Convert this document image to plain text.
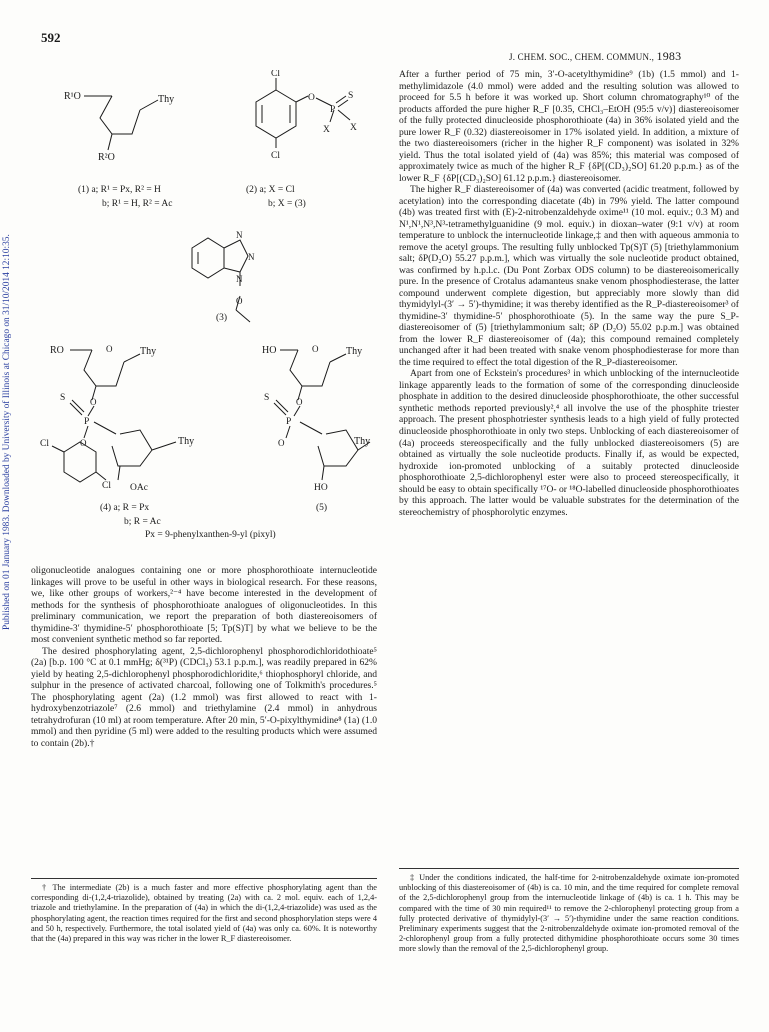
592
J. CHEM. SOC., CHEM. COMMUN., 1983
Published on 01 January 1983. Downloaded by University of Illinois at Chicago on 31/10/2014 12:10:35.
R¹O	Thy
R²O
(1) a; R¹ = Px, R² = H
b; R¹ = H, R² = Ac
Cl
Cl
O
P
S
X X
(2) a; X = Cl
b; X = (3)
N
N
N
O
(3)
RO	O	Thy
O
S
P
O	Thy
Cl
Cl OAc
(4) a; R = Px
b; R = Ac
HO	O	Thy
S
P
O
O
Thy
HO
(5)
Px = 9-phenylxanthen-9-yl (pixyl)

oligonucleotide analogues containing one or more phosphorothioate internucleotide linkages will prove to be useful in other ways in biological research. For these reasons, we, like other groups of workers,²⁻⁴ have become interested in the development of methods for the synthesis of phosphorothioate analogues of oligonucleotides. In this preliminary communication, we report the preparation of both diastereoisomers of thymidine-3′ thymidine-5′ phosphorothioate [5; Tp(S)T] by what we believe to be the most convenient synthetic method so far reported.

The desired phosphorylating agent, 2,5-dichlorophenyl phosphorodichloridothioate⁵ (2a) [b.p. 100 °C at 0.1 mmHg; δ(³¹P) (CDCl₃) 53.1 p.p.m.], was readily prepared in 62% yield by heating 2,5-dichlorophenyl phosphorodichloridite,⁶ thiophosphoryl chloride, and sulphur in the presence of activated charcoal, following one of Tolkmith's procedures.⁵ The phosphorylating agent (2a) (1.2 mmol) was first allowed to react with 1-hydroxybenzotriazole⁷ (2.6 mmol) and triethylamine (2.4 mmol) in anhydrous tetrahydrofuran (10 ml) at room temperature. After 20 min, 5′-O-pixylthymidine⁸ (1a) (1.0 mmol) and then pyridine (5 ml) were added to the resulting products which were assumed to contain (2b).†

† The intermediate (2b) is a much faster and more effective phosphorylating agent than the corresponding di-(1,2,4-triazolide), obtained by treating (2a) with ca. 2 mol. equiv. each of 1,2,4-triazole and triethylamine. In the preparation of (4a) in which the di-(1,2,4-triazolide) was used as the phosphorylating agent, the reaction times required for the first and second phosphorylation steps were 4 and 50 h, respectively. Furthermore, the total isolated yield of (4a) was only ca. 60%. It is noteworthy that the (4a) prepared in this way was richer in the lower R_F diastereoisomer.

After a further period of 75 min, 3′-O-acetylthymidine⁹ (1b) (1.5 mmol) and 1-methylimidazole (4.0 mmol) were added and the resulting solution was allowed to proceed for 5.5 h before it was worked up. Short column chromatography¹⁰ of the products afforded the pure higher R_F [0.35, CHCl₃–EtOH (95:5 v/v)] diastereoisomer of the fully protected dinucleoside phosphorothioate (4a) in 36% isolated yield and the pure lower R_F (0.32) diastereoisomer in 17% isolated yield. In addition, a mixture of the two diastereoisomers (richer in the higher R_F component) was isolated in 32% yield. Thus the total isolated yield of (4a) was 85%; this material was composed of approximately twice as much of the higher R_F {δP[(CD₃)₂SO] 61.20 p.p.m.} as of the lower R_F {δP[(CD₃)₂SO] 61.12 p.p.m.} diastereoisomer.

The higher R_F diastereoisomer of (4a) was converted (acidic treatment, followed by acetylation) into the corresponding diacetate (4b) in 79% yield. The latter compound (4b) was treated first with (E)-2-nitrobenzaldehyde oxime¹¹ (10 mol. equiv.; 0.3 M) and N¹,N¹,N³,N³-tetramethylguanidine (9 mol. equiv.) in dioxan–water (9:1 v/v) at room temperature to unblock the internucleotide linkage,‡ and then with aqueous ammonia to remove the acetyl groups. The resulting fully unblocked Tp(S)T (5) [triethylammonium salt; δP(D₂O) 55.27 p.p.m.], which was virtually the sole nucleotide product obtained, was confirmed by h.p.l.c. (Du Pont Zorbax ODS column) to be diastereoisomerically pure. In the presence of Crotalus adamanteus snake venom phosphodiesterase, the latter compound underwent complete digestion, but appreciably more slowly than did thymidylyl-(3′ → 5′)-thymidine; it was thereby identified as the R_P-diastereoisomer³ of thymidine-3′ thymidine-5′ phosphorothioate (5). In the same way the pure S_P-diastereoisomer of (5) [triethylammonium salt; δP (D₂O) 55.02 p.p.m.] was obtained from the lower R_F diastereoisomer of (4a); this compound remained completely unchanged after it had been treated with snake venom phosphodiesterase for more than the time required to effect the total digestion of the R_P-diastereoisomer.

Apart from one of Eckstein's procedures³ in which unblocking of the internucleotide linkage apparently leads to the formation of some of the corresponding dinucleoside phosphate in addition to the desired dinucleoside phosphorothioate, the other successful synthetic methods reported previously²,⁴ all involve the use of the phosphite triester approach. The present phosphotriester synthesis leads to a high yield of fully protected dinucleoside phosphorothioate in only two steps. Unblocking of each diastereoisomer of (4a) proceeds stereospecifically and the fully unblocked diastereoisomers (5) are obtained as virtually the sole nucleotide products. Finally if, as would be expected, hydroxide ion-promoted unblocking of a suitably protected dinucleoside phosphorothioate 2,5-dichlorophenyl ester were also to proceed stereospecifically, it should be easy to obtain specifically ¹⁷O- or ¹⁸O-labelled dinucleoside phosphorothioates by this approach. The latter would be valuable substrates for the determination of the stereochemistry of phosphorolytic enzymes.

‡ Under the conditions indicated, the half-time for 2-nitrobenzaldehyde oximate ion-promoted unblocking of this diastereoisomer of (4b) is ca. 10 min, and the time required for complete removal of the 2,5-dichlorophenyl group from the internucleotide linkage of (4b) is ca. 1 h. This may be compared with the time of 30 min required¹¹ to remove the 2-chlorophenyl protecting group from a fully protected derivative of thymidylyl-(3′ → 5′)-thymidine under the same reaction conditions. Preliminary experiments suggest that the 2-nitrobenzaldehyde oximate ion-promoted removal of the 2-chlorophenyl group from a fully protected dithymidine phosphorothioate occurs some 30 times more slowly than the removal of the 2,5-dichlorophenyl group.
